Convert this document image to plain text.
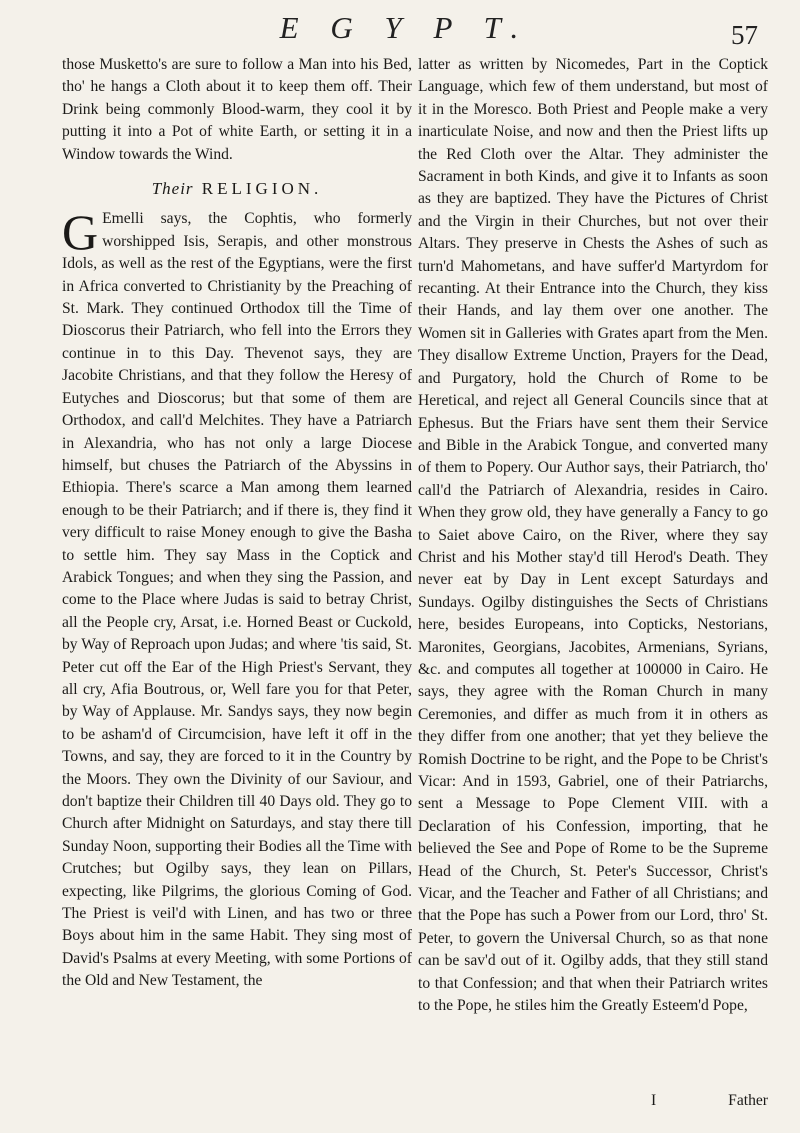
E G Y P T.	57

those Musketto's are sure to follow a Man into his Bed, tho' he hangs a Cloth about it to keep them off. Their Drink being commonly Blood-warm, they cool it by putting it into a Pot of white Earth, or setting it in a Window towards the Wind.

Their RELIGION.

G Emelli says, the Cophtis, who formerly worshipped Isis, Serapis, and other monstrous Idols, as well as the rest of the Egyptians, were the first in Africa converted to Christianity by the Preaching of St. Mark. They continued Orthodox till the Time of Dioscorus their Patriarch, who fell into the Errors they continue in to this Day. Thevenot says, they are Jacobite Christians, and that they follow the Heresy of Eutyches and Dioscorus; but that some of them are Orthodox, and call'd Melchites. They have a Patriarch in Alexandria, who has not only a large Diocese himself, but chuses the Patriarch of the Abyssins in Ethiopia. There's scarce a Man among them learned enough to be their Patriarch; and if there is, they find it very difficult to raise Money enough to give the Basha to settle him. They say Mass in the Coptick and Arabick Tongues; and when they sing the Passion, and come to the Place where Judas is said to betray Christ, all the People cry, Arsat, i.e. Horned Beast or Cuckold, by Way of Reproach upon Judas; and where 'tis said, St. Peter cut off the Ear of the High Priest's Servant, they all cry, Afia Boutrous, or, Well fare you for that Peter, by Way of Applause. Mr. Sandys says, they now begin to be asham'd of Circumcision, have left it off in the Towns, and say, they are forced to it in the Country by the Moors. They own the Divinity of our Saviour, and don't baptize their Children till 40 Days old. They go to Church after Midnight on Saturdays, and stay there till Sunday Noon, supporting their Bodies all the Time with Crutches; but Ogilby says, they lean on Pillars, expecting, like Pilgrims, the glorious Coming of God. The Priest is veil'd with Linen, and has two or three Boys about him in the same Habit. They sing most of David's Psalms at every Meeting, with some Portions of the Old and New Testament, the

latter as written by Nicomedes, Part in the Coptick Language, which few of them understand, but most of it in the Moresco. Both Priest and People make a very inarticulate Noise, and now and then the Priest lifts up the Red Cloth over the Altar. They administer the Sacrament in both Kinds, and give it to Infants as soon as they are baptized. They have the Pictures of Christ and the Virgin in their Churches, but not over their Altars. They preserve in Chests the Ashes of such as turn'd Mahometans, and have suffer'd Martyrdom for recanting. At their Entrance into the Church, they kiss their Hands, and lay them over one another. The Women sit in Galleries with Grates apart from the Men. They disallow Extreme Unction, Prayers for the Dead, and Purgatory, hold the Church of Rome to be Heretical, and reject all General Councils since that at Ephesus. But the Friars have sent them their Service and Bible in the Arabick Tongue, and converted many of them to Popery. Our Author says, their Patriarch, tho' call'd the Patriarch of Alexandria, resides in Cairo. When they grow old, they have generally a Fancy to go to Saiet above Cairo, on the River, where they say Christ and his Mother stay'd till Herod's Death. They never eat by Day in Lent except Saturdays and Sundays. Ogilby distinguishes the Sects of Christians here, besides Europeans, into Copticks, Nestorians, Maronites, Georgians, Jacobites, Armenians, Syrians, &c. and computes all together at 100000 in Cairo. He says, they agree with the Roman Church in many Ceremonies, and differ as much from it in others as they differ from one another; that yet they believe the Romish Doctrine to be right, and the Pope to be Christ's Vicar: And in 1593, Gabriel, one of their Patriarchs, sent a Message to Pope Clement VIII. with a Declaration of his Confession, importing, that he believed the See and Pope of Rome to be the Supreme Head of the Church, St. Peter's Successor, Christ's Vicar, and the Teacher and Father of all Christians; and that the Pope has such a Power from our Lord, thro' St. Peter, to govern the Universal Church, so as that none can be sav'd out of it. Ogilby adds, that they still stand to that Confession; and that when their Patriarch writes to the Pope, he stiles him the Greatly Esteem'd Pope,

I	Father
